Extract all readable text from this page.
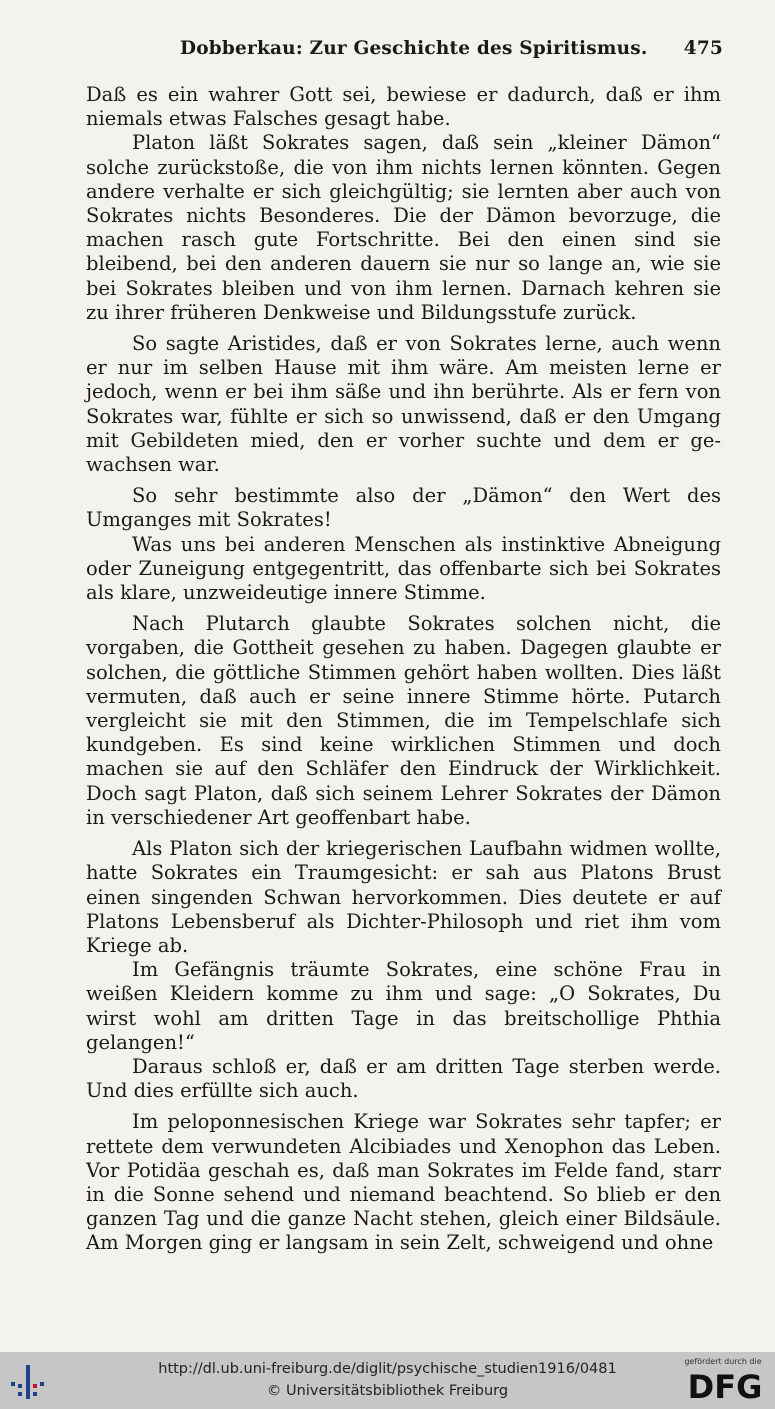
Dobberkau: Zur Geschichte des Spiritismus. 475

Daß es ein wahrer Gott sei, bewiese er dadurch, daß er ihm niemals etwas Falsches gesagt habe.

Platon läßt Sokrates sagen, daß sein „kleiner Dämon“ solche zurückstoße, die von ihm nichts lernen könnten. Gegen andere verhalte er sich gleichgültig; sie lernten aber auch von Sokrates nichts Besonderes. Die der Dämon bevorzuge, die machen rasch gute Fortschritte. Bei den einen sind sie bleibend, bei den anderen dauern sie nur so lange an, wie sie bei Sokrates bleiben und von ihm lernen. Darnach kehren sie zu ihrer früheren Denkweise und Bildungsstufe zurück.

So sagte Aristides, daß er von Sokrates lerne, auch wenn er nur im selben Hause mit ihm wäre. Am meisten lerne er jedoch, wenn er bei ihm säße und ihn berührte. Als er fern von Sokrates war, fühlte er sich so unwissend, daß er den Umgang mit Gebildeten mied, den er vorher suchte und dem er gewachsen war.

So sehr bestimmte also der „Dämon“ den Wert des Umganges mit Sokrates!

Was uns bei anderen Menschen als instinktive Abneigung oder Zuneigung entgegentritt, das offenbarte sich bei Sokrates als klare, unzweideutige innere Stimme.

Nach Plutarch glaubte Sokrates solchen nicht, die vorgaben, die Gottheit gesehen zu haben. Dagegen glaubte er solchen, die göttliche Stimmen gehört haben wollten. Dies läßt vermuten, daß auch er seine innere Stimme hörte. Putarch vergleicht sie mit den Stimmen, die im Tempelschlafe sich kundgeben. Es sind keine wirklichen Stimmen und doch machen sie auf den Schläfer den Eindruck der Wirklichkeit. Doch sagt Platon, daß sich seinem Lehrer Sokrates der Dämon in verschiedener Art geoffenbart habe.

Als Platon sich der kriegerischen Laufbahn widmen wollte, hatte Sokrates ein Traumgesicht: er sah aus Platons Brust einen singenden Schwan hervorkommen. Dies deutete er auf Platons Lebensberuf als Dichter-Philosoph und riet ihm vom Kriege ab.

Im Gefängnis träumte Sokrates, eine schöne Frau in weißen Kleidern komme zu ihm und sage: „O Sokrates, Du wirst wohl am dritten Tage in das breitschollige Phthia gelangen!“

Daraus schloß er, daß er am dritten Tage sterben werde. Und dies erfüllte sich auch.

Im peloponnesischen Kriege war Sokrates sehr tapfer; er rettete dem verwundeten Alcibiades und Xenophon das Leben. Vor Potidäa geschah es, daß man Sokrates im Felde fand, starr in die Sonne sehend und niemand beachtend. So blieb er den ganzen Tag und die ganze Nacht stehen, gleich einer Bildsäule. Am Morgen ging er langsam in sein Zelt, schweigend und ohne

http://dl.ub.uni-freiburg.de/diglit/psychische_studien1916/0481
© Universitätsbibliothek Freiburg
gefördert durch die
DFG
